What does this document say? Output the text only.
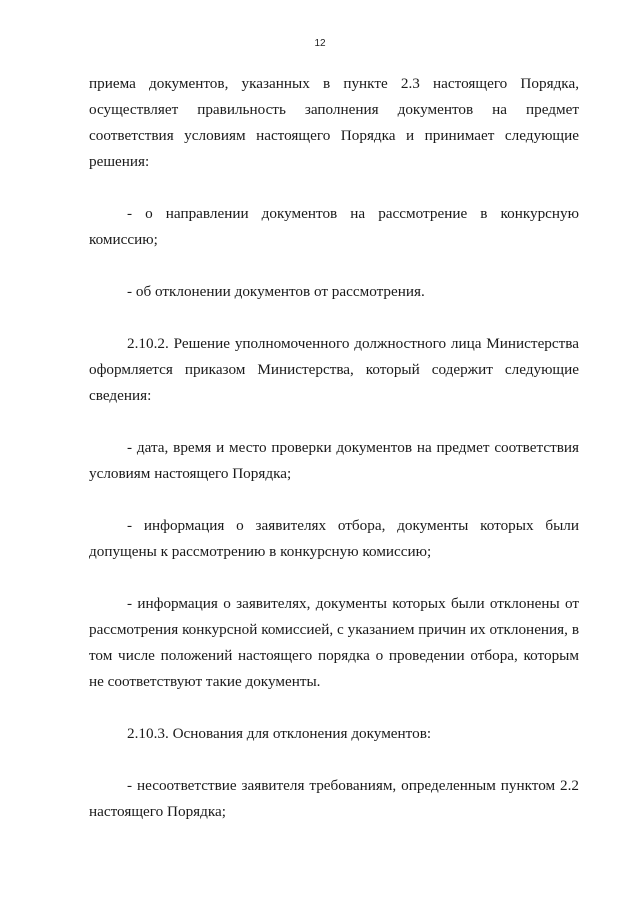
12

приема документов, указанных в пункте 2.3 настоящего Порядка,
осуществляет правильность заполнения документов на предмет
соответствия условиям настоящего Порядка и принимает следующие
решения:

- о направлении документов на рассмотрение в конкурсную
комиссию;

- об отклонении документов от рассмотрения.

2.10.2. Решение уполномоченного должностного лица Министерства
оформляется приказом Министерства, который содержит следующие
сведения:

- дата, время и место проверки документов на предмет соответствия
условиям настоящего Порядка;

- информация о заявителях отбора, документы которых были
допущены к рассмотрению в конкурсную комиссию;

- информация о заявителях, документы которых были отклонены от
рассмотрения конкурсной комиссией, с указанием причин их отклонения, в
том числе положений настоящего порядка о проведении отбора, которым
не соответствуют такие документы.

2.10.3. Основания для отклонения документов:

- несоответствие заявителя требованиям, определенным пунктом 2.2
настоящего Порядка;
